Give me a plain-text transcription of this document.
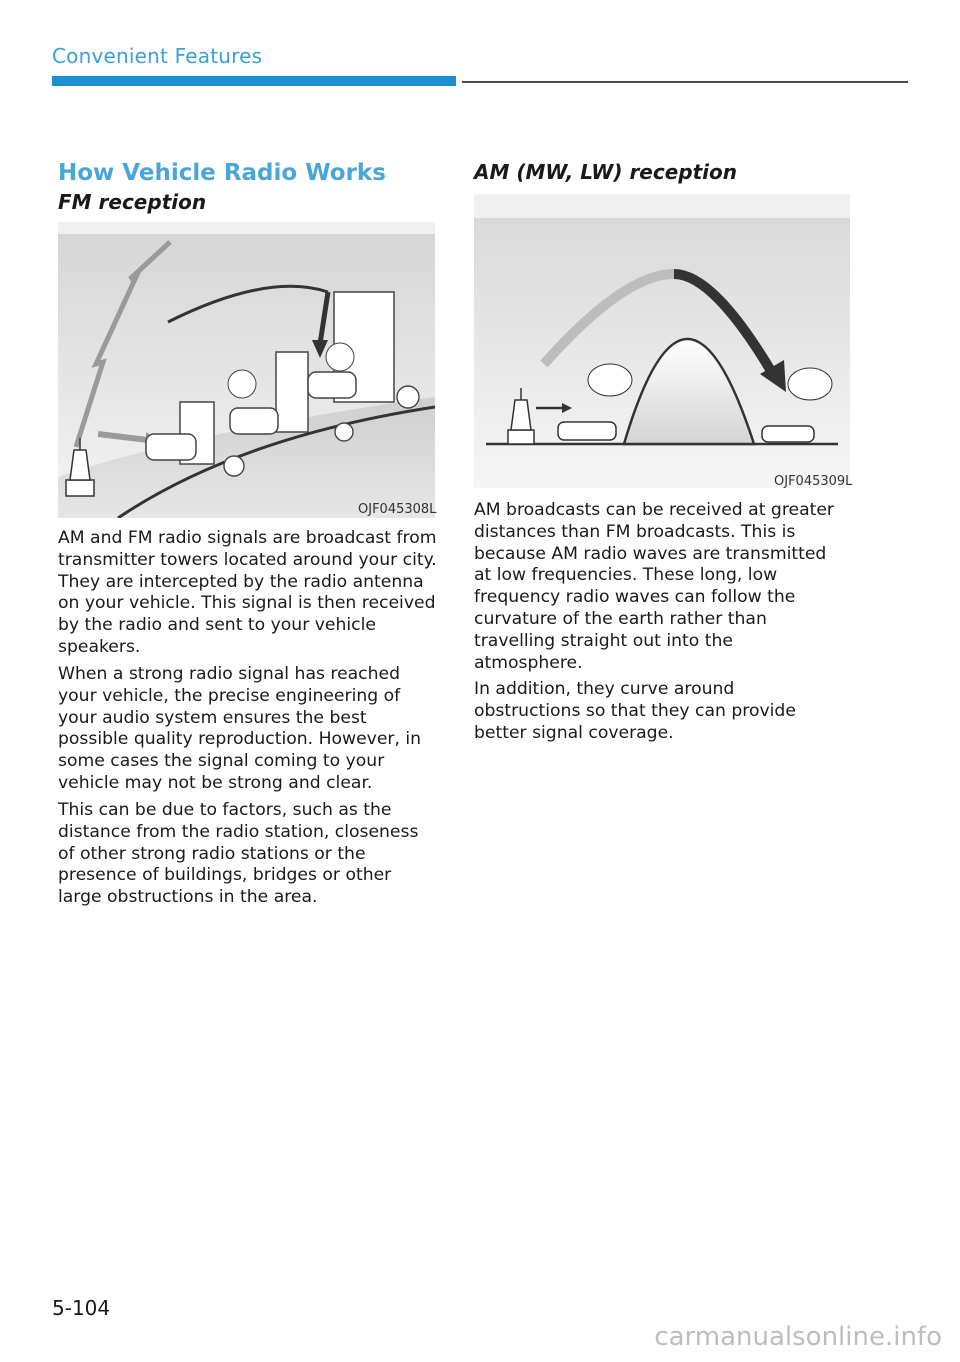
Convenient Features
How Vehicle Radio Works
FM reception
OJF045308L
AM and FM radio signals are broadcast from transmitter towers located around your city. They are intercepted by the radio antenna on your vehicle. This signal is then received by the radio and sent to your vehicle speakers.
When a strong radio signal has reached your vehicle, the precise engineering of your audio system ensures the best possible quality reproduction. However, in some cases the signal coming to your vehicle may not be strong and clear.
This can be due to factors, such as the distance from the radio station, closeness of other strong radio stations or the presence of buildings, bridges or other large obstructions in the area.
AM (MW, LW) reception
OJF045309L
AM broadcasts can be received at greater distances than FM broadcasts. This is because AM radio waves are transmitted at low frequencies. These long, low frequency radio waves can follow the curvature of the earth rather than travelling straight out into the atmosphere.
In addition, they curve around obstructions so that they can provide better signal coverage.
5-104
carmanualsonline.info
